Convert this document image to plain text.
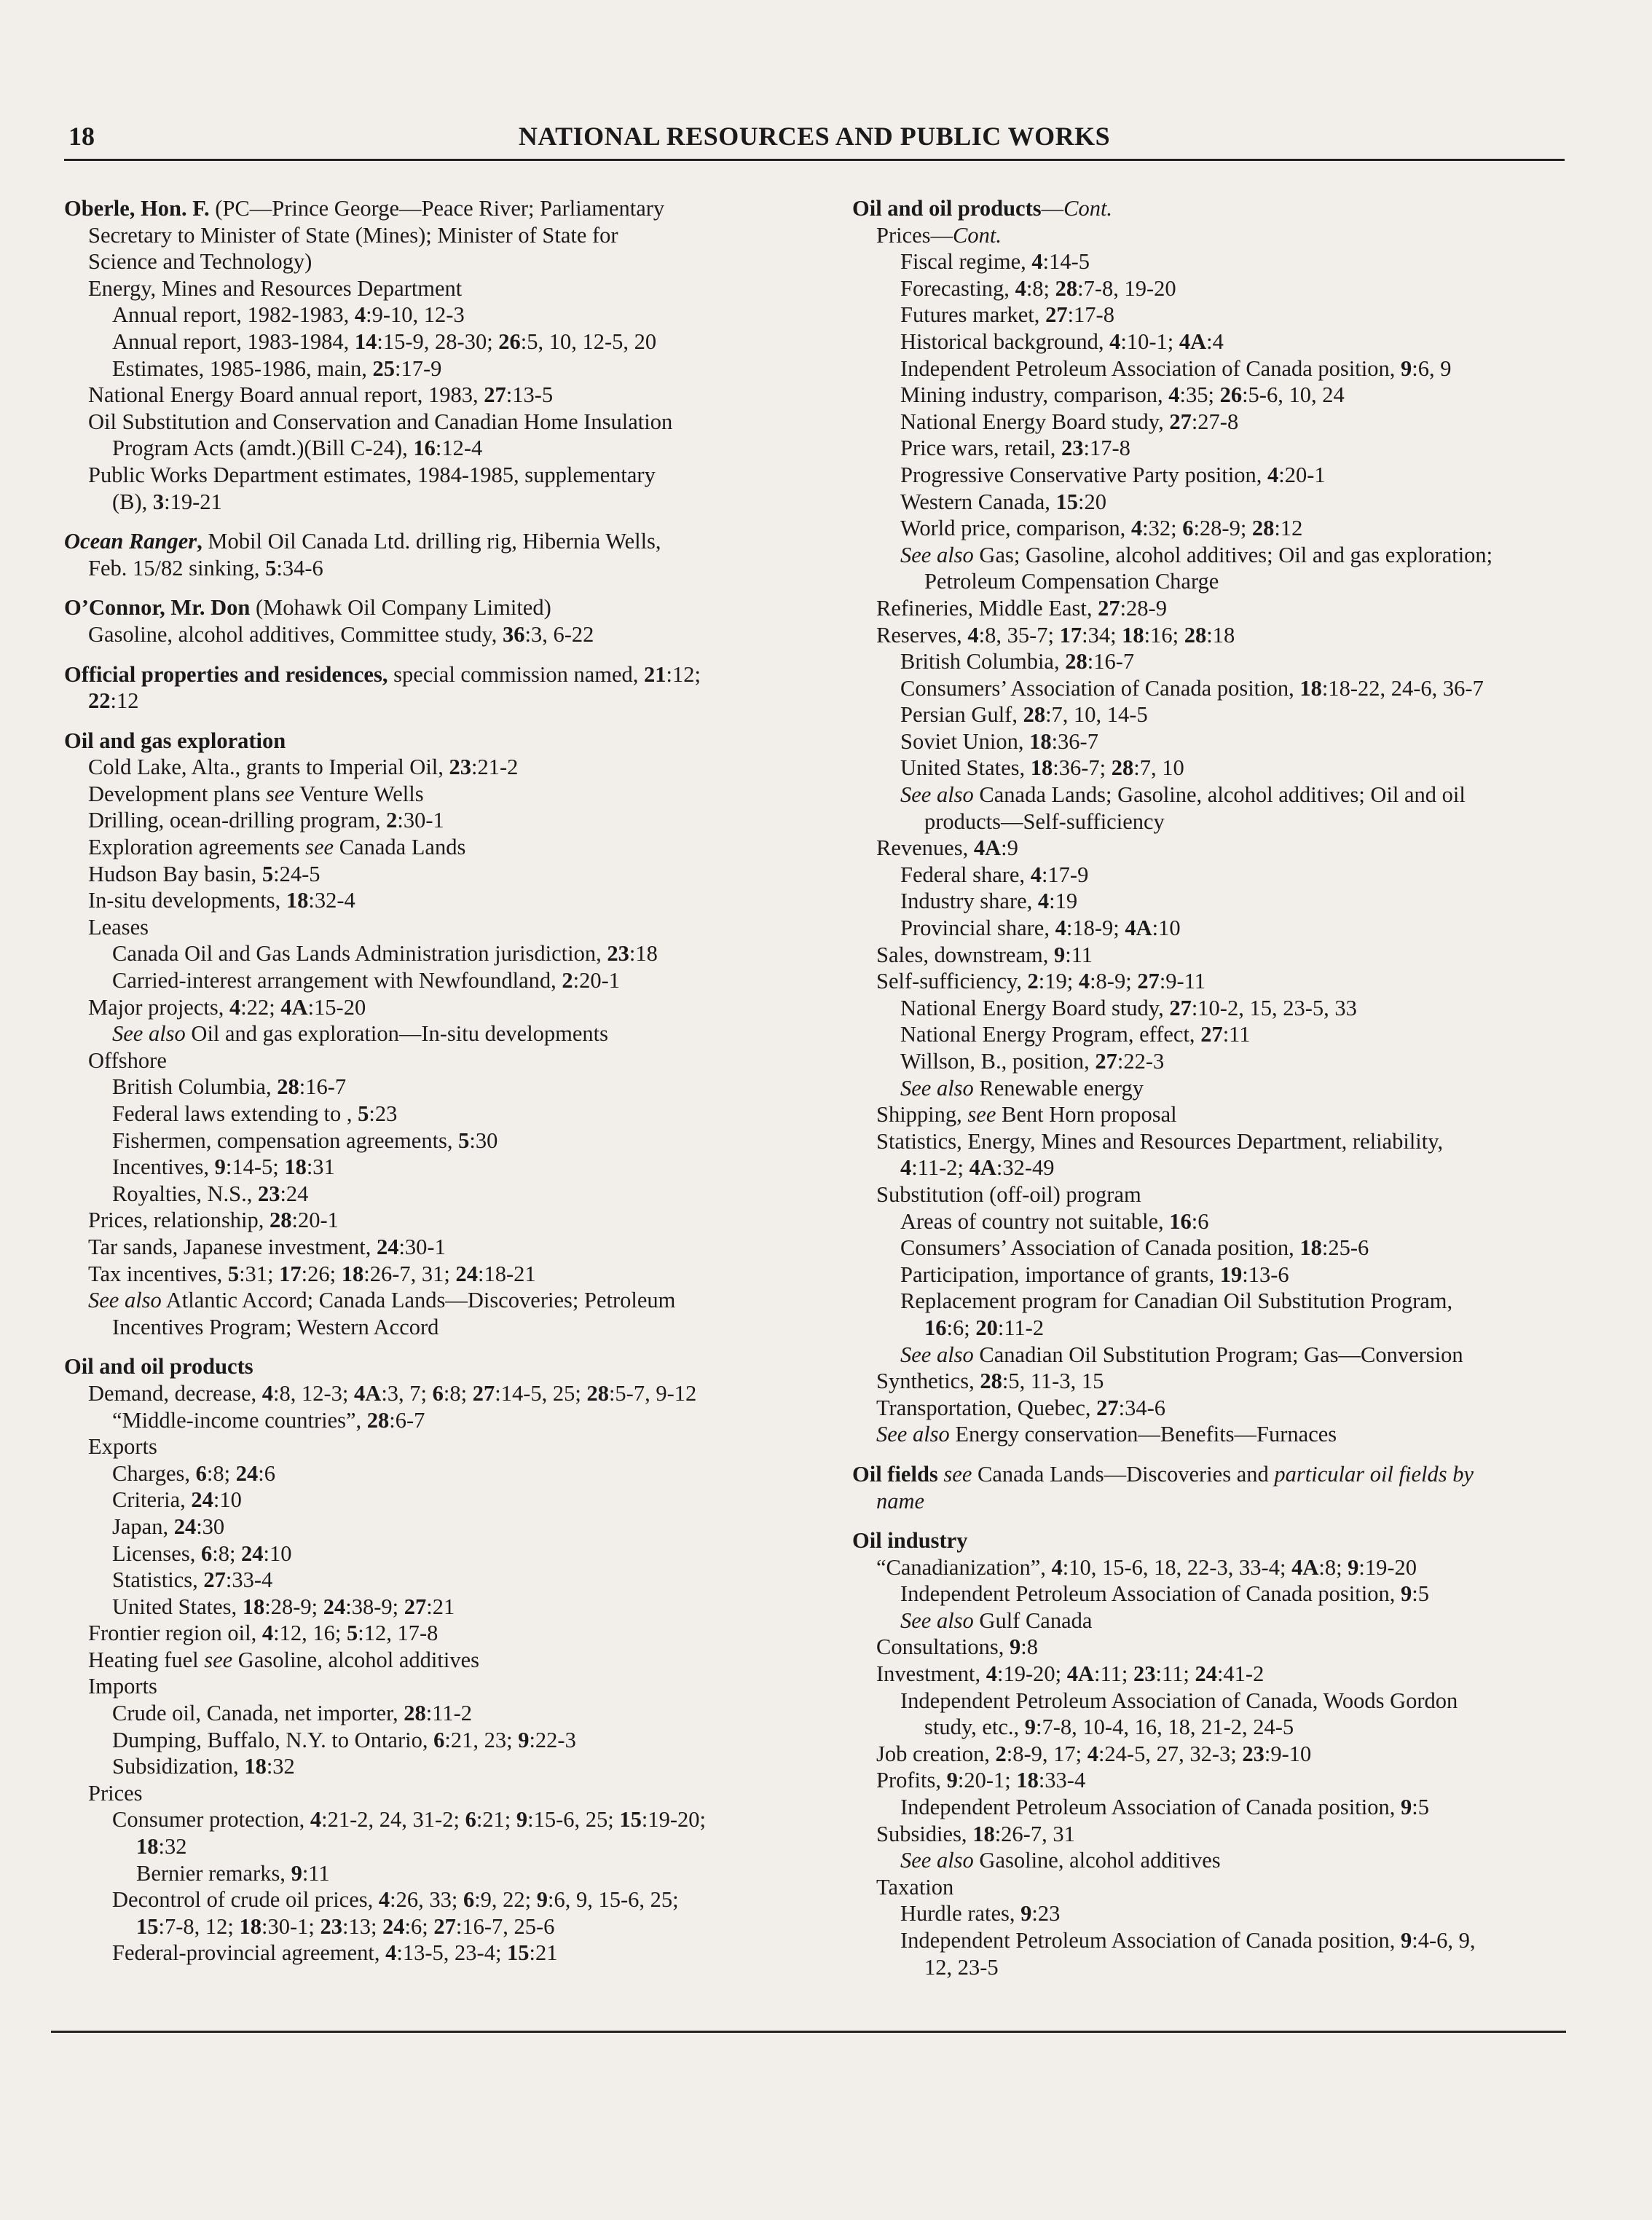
18	NATIONAL RESOURCES AND PUBLIC WORKS
Oberle, Hon. F. (PC—Prince George—Peace River; Parliamentary
Secretary to Minister of State (Mines); Minister of State for
Science and Technology)
Energy, Mines and Resources Department
Annual report, 1982-1983, 4:9-10, 12-3
Annual report, 1983-1984, 14:15-9, 28-30; 26:5, 10, 12-5, 20
Estimates, 1985-1986, main, 25:17-9
National Energy Board annual report, 1983, 27:13-5
Oil Substitution and Conservation and Canadian Home Insulation
Program Acts (amdt.)(Bill C-24), 16:12-4
Public Works Department estimates, 1984-1985, supplementary
(B), 3:19-21
Ocean Ranger, Mobil Oil Canada Ltd. drilling rig, Hibernia Wells,
Feb. 15/82 sinking, 5:34-6
O’Connor, Mr. Don (Mohawk Oil Company Limited)
Gasoline, alcohol additives, Committee study, 36:3, 6-22
Official properties and residences, special commission named, 21:12;
22:12
Oil and gas exploration
Cold Lake, Alta., grants to Imperial Oil, 23:21-2
Development plans see Venture Wells
Drilling, ocean-drilling program, 2:30-1
Exploration agreements see Canada Lands
Hudson Bay basin, 5:24-5
In-situ developments, 18:32-4
Leases
Canada Oil and Gas Lands Administration jurisdiction, 23:18
Carried-interest arrangement with Newfoundland, 2:20-1
Major projects, 4:22; 4A:15-20
See also Oil and gas exploration—In-situ developments
Offshore
British Columbia, 28:16-7
Federal laws extending to , 5:23
Fishermen, compensation agreements, 5:30
Incentives, 9:14-5; 18:31
Royalties, N.S., 23:24
Prices, relationship, 28:20-1
Tar sands, Japanese investment, 24:30-1
Tax incentives, 5:31; 17:26; 18:26-7, 31; 24:18-21
See also Atlantic Accord; Canada Lands—Discoveries; Petroleum
Incentives Program; Western Accord
Oil and oil products
Demand, decrease, 4:8, 12-3; 4A:3, 7; 6:8; 27:14-5, 25; 28:5-7, 9-12
“Middle-income countries”, 28:6-7
Exports
Charges, 6:8; 24:6
Criteria, 24:10
Japan, 24:30
Licenses, 6:8; 24:10
Statistics, 27:33-4
United States, 18:28-9; 24:38-9; 27:21
Frontier region oil, 4:12, 16; 5:12, 17-8
Heating fuel see Gasoline, alcohol additives
Imports
Crude oil, Canada, net importer, 28:11-2
Dumping, Buffalo, N.Y. to Ontario, 6:21, 23; 9:22-3
Subsidization, 18:32
Prices
Consumer protection, 4:21-2, 24, 31-2; 6:21; 9:15-6, 25; 15:19-20;
18:32
Bernier remarks, 9:11
Decontrol of crude oil prices, 4:26, 33; 6:9, 22; 9:6, 9, 15-6, 25;
15:7-8, 12; 18:30-1; 23:13; 24:6; 27:16-7, 25-6
Federal-provincial agreement, 4:13-5, 23-4; 15:21
Oil and oil products—Cont.
Prices—Cont.
Fiscal regime, 4:14-5
Forecasting, 4:8; 28:7-8, 19-20
Futures market, 27:17-8
Historical background, 4:10-1; 4A:4
Independent Petroleum Association of Canada position, 9:6, 9
Mining industry, comparison, 4:35; 26:5-6, 10, 24
National Energy Board study, 27:27-8
Price wars, retail, 23:17-8
Progressive Conservative Party position, 4:20-1
Western Canada, 15:20
World price, comparison, 4:32; 6:28-9; 28:12
See also Gas; Gasoline, alcohol additives; Oil and gas exploration;
Petroleum Compensation Charge
Refineries, Middle East, 27:28-9
Reserves, 4:8, 35-7; 17:34; 18:16; 28:18
British Columbia, 28:16-7
Consumers’ Association of Canada position, 18:18-22, 24-6, 36-7
Persian Gulf, 28:7, 10, 14-5
Soviet Union, 18:36-7
United States, 18:36-7; 28:7, 10
See also Canada Lands; Gasoline, alcohol additives; Oil and oil
products—Self-sufficiency
Revenues, 4A:9
Federal share, 4:17-9
Industry share, 4:19
Provincial share, 4:18-9; 4A:10
Sales, downstream, 9:11
Self-sufficiency, 2:19; 4:8-9; 27:9-11
National Energy Board study, 27:10-2, 15, 23-5, 33
National Energy Program, effect, 27:11
Willson, B., position, 27:22-3
See also Renewable energy
Shipping, see Bent Horn proposal
Statistics, Energy, Mines and Resources Department, reliability,
4:11-2; 4A:32-49
Substitution (off-oil) program
Areas of country not suitable, 16:6
Consumers’ Association of Canada position, 18:25-6
Participation, importance of grants, 19:13-6
Replacement program for Canadian Oil Substitution Program,
16:6; 20:11-2
See also Canadian Oil Substitution Program; Gas—Conversion
Synthetics, 28:5, 11-3, 15
Transportation, Quebec, 27:34-6
See also Energy conservation—Benefits—Furnaces
Oil fields see Canada Lands—Discoveries and particular oil fields by
name
Oil industry
“Canadianization”, 4:10, 15-6, 18, 22-3, 33-4; 4A:8; 9:19-20
Independent Petroleum Association of Canada position, 9:5
See also Gulf Canada
Consultations, 9:8
Investment, 4:19-20; 4A:11; 23:11; 24:41-2
Independent Petroleum Association of Canada, Woods Gordon
study, etc., 9:7-8, 10-4, 16, 18, 21-2, 24-5
Job creation, 2:8-9, 17; 4:24-5, 27, 32-3; 23:9-10
Profits, 9:20-1; 18:33-4
Independent Petroleum Association of Canada position, 9:5
Subsidies, 18:26-7, 31
See also Gasoline, alcohol additives
Taxation
Hurdle rates, 9:23
Independent Petroleum Association of Canada position, 9:4-6, 9,
12, 23-5
